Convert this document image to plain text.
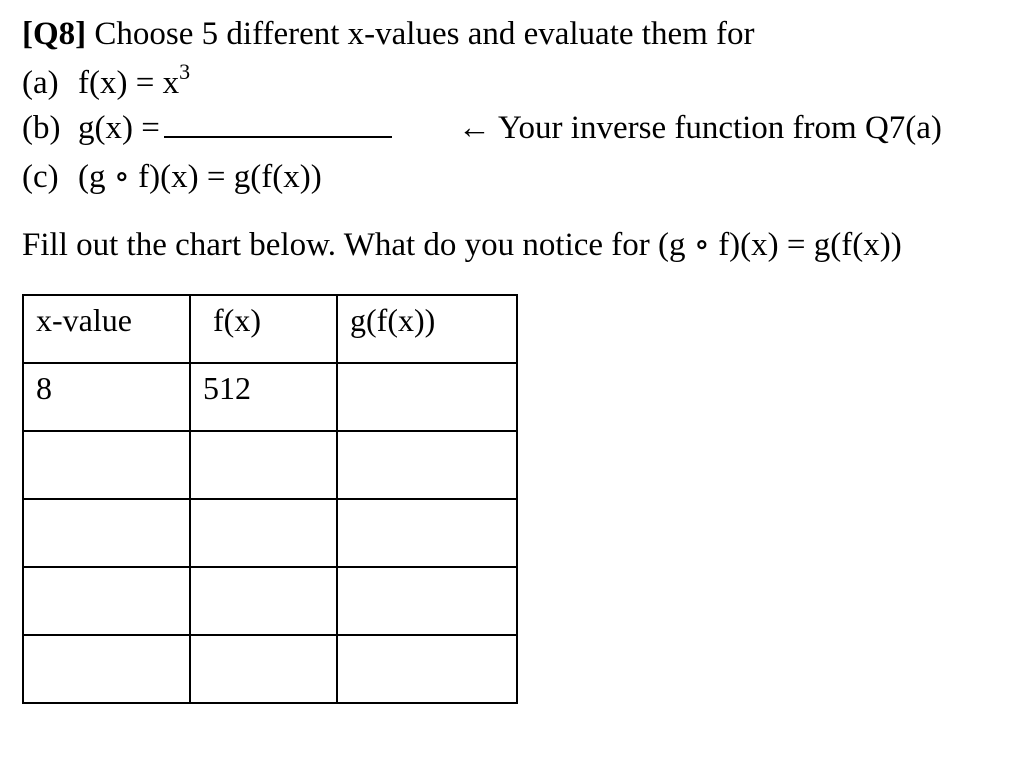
[Q8] Choose 5 different x-values and evaluate them for
(a) $f(x) = x^3$
(b) g(x) =	← Your inverse function from Q7(a)
(c) (g ∘ f)(x) = g(f(x))
Fill out the chart below. What do you notice for (g ∘ f)(x) = g(f(x))
x-value	f(x)	g(f(x))
8	512	
